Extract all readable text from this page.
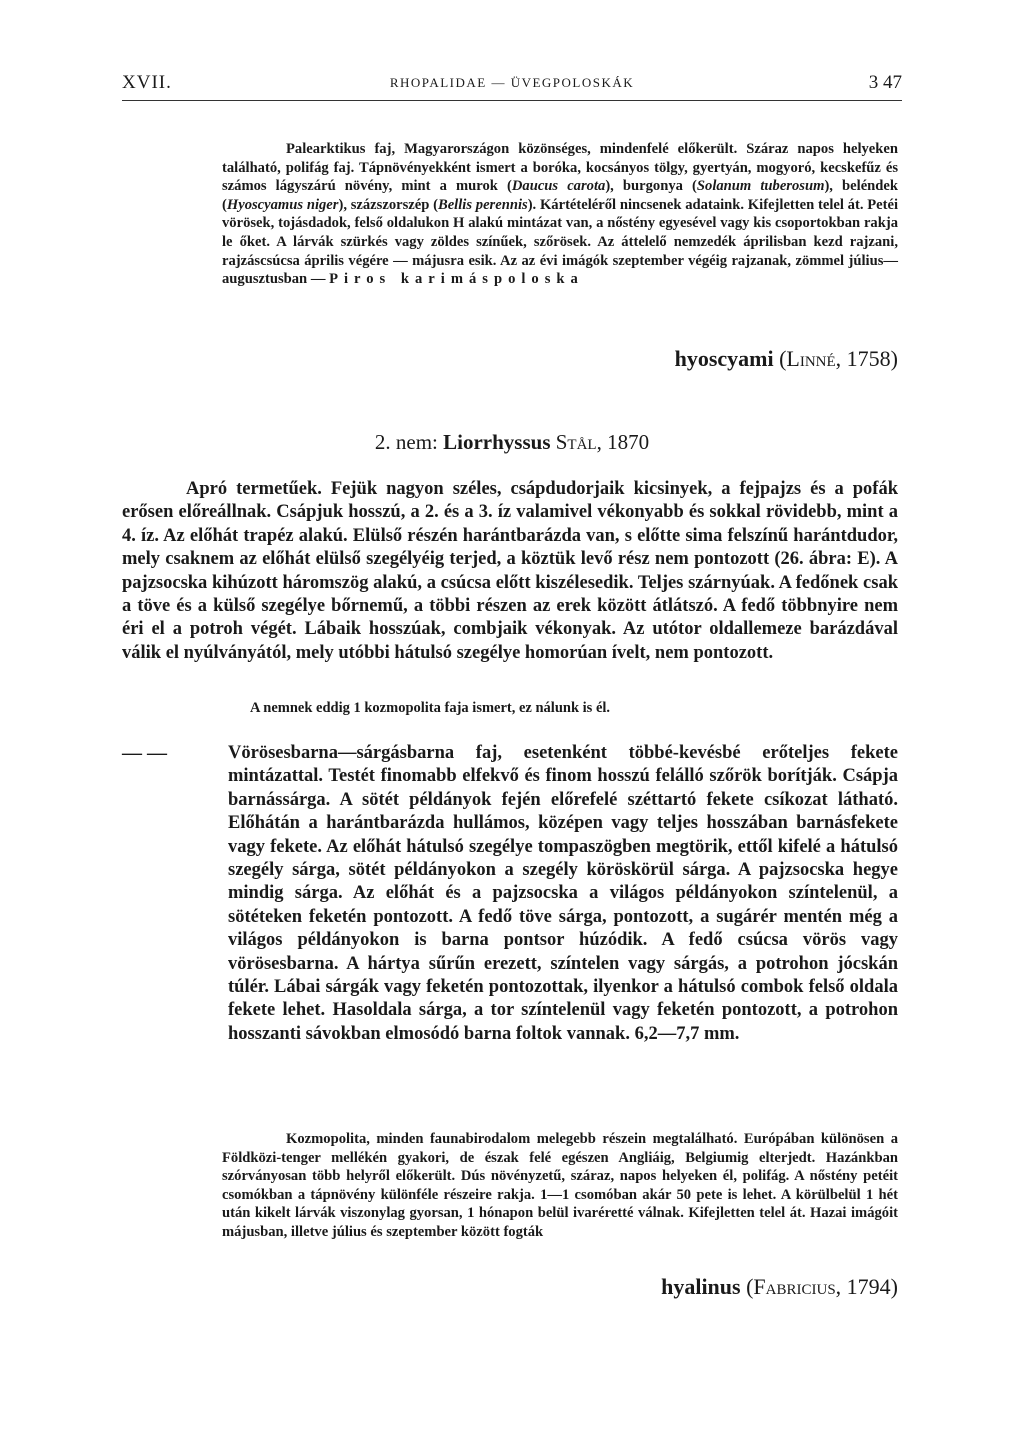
XVII.	RHOPALIDAE — ÜVEGPOLOSKÁK	3 47

Palearktikus faj, Magyarországon közönséges, mindenfelé előkerült. Száraz napos helyeken található, polifág faj. Tápnövényekként ismert a boróka, kocsányos tölgy, gyertyán, mogyoró, kecskefűz és számos lágyszárú növény, mint a murok (Daucus carota), burgonya (Solanum tuberosum), beléndek (Hyoscyamus niger), százszorszép (Bellis perennis). Kártételéről nincsenek adataink. Kifejletten telel át. Petéi vörösek, tojásdadok, felső oldalukon H alakú mintázat van, a nőstény egyesével vagy kis csoportokban rakja le őket. A lárvák szürkés vagy zöldes színűek, szőrösek. Az áttelelő nemzedék áprilisban kezd rajzani, rajzáscsúcsa április végére — májusra esik. Az az évi imágók szeptember végéig rajzanak, zömmel július—augusztusban — Piros karimáspoloska

hyoscyami (Linné, 1758)
2. nem: Liorrhyssus Stål, 1870

Apró termetűek. Fejük nagyon széles, csápdudorjaik kicsinyek, a fejpajzs és a pofák erősen előreállnak. Csápjuk hosszú, a 2. és a 3. íz valamivel vékonyabb és sokkal rövidebb, mint a 4. íz. Az előhát trapéz alakú. Elülső részén harántbarázda van, s előtte sima felszínű harántdudor, mely csaknem az előhát elülső szegélyéig terjed, a köztük levő rész nem pontozott (26. ábra: E). A pajzsocska kihúzott háromszög alakú, a csúcsa előtt kiszélesedik. Teljes szárnyúak. A fedőnek csak a töve és a külső szegélye bőrnemű, a többi részen az erek között átlátszó. A fedő többnyire nem éri el a potroh végét. Lábaik hosszúak, combjaik vékonyak. Az utótor oldallemeze barázdával válik el nyúlványától, mely utóbbi hátulsó szegélye homorúan ívelt, nem pontozott.

A nemnek eddig 1 kozmopolita faja ismert, ez nálunk is él.
— —	Vörösesbarna—sárgásbarna faj, esetenként többé-kevésbé erőteljes fekete mintázattal. Testét finomabb elfekvő és finom hosszú felálló szőrök borítják. Csápja barnássárga. A sötét példányok fején előrefelé széttartó fekete csíkozat látható. Előhátán a harántbarázda hullámos, középen vagy teljes hosszában barnásfekete vagy fekete. Az előhát hátulsó szegélye tompaszögben megtörik, ettől kifelé a hátulsó szegély sárga, sötét példányokon a szegély köröskörül sárga. A pajzsocska hegye mindig sárga. Az előhát és a pajzsocska a világos példányokon színtelenül, a sötéteken feketén pontozott. A fedő töve sárga, pontozott, a sugárér mentén még a világos példányokon is barna pontsor húzódik. A fedő csúcsa vörös vagy vörösesbarna. A hártya sűrűn erezett, színtelen vagy sárgás, a potrohon jócskán túlér. Lábai sárgák vagy feketén pontozottak, ilyenkor a hátulsó combok felső oldala fekete lehet. Hasoldala sárga, a tor színtelenül vagy feketén pontozott, a potrohon hosszanti sávokban elmosódó barna foltok vannak. 6,2—7,7 mm.

Kozmopolita, minden faunabirodalom melegebb részein megtalálható. Európában különösen a Földközi-tenger mellékén gyakori, de észak felé egészen Angliáig, Belgiumig elterjedt. Hazánkban szórványosan több helyről előkerült. Dús növényzetű, száraz, napos helyeken él, polifág. A nőstény petéit csomókban a tápnövény különféle részeire rakja. 1—1 csomóban akár 50 pete is lehet. A körülbelül 1 hét után kikelt lárvák viszonylag gyorsan, 1 hónapon belül ivaréretté válnak. Kifejletten telel át. Hazai imágóit májusban, illetve július és szeptember között fogták

hyalinus (Fabricius, 1794)
